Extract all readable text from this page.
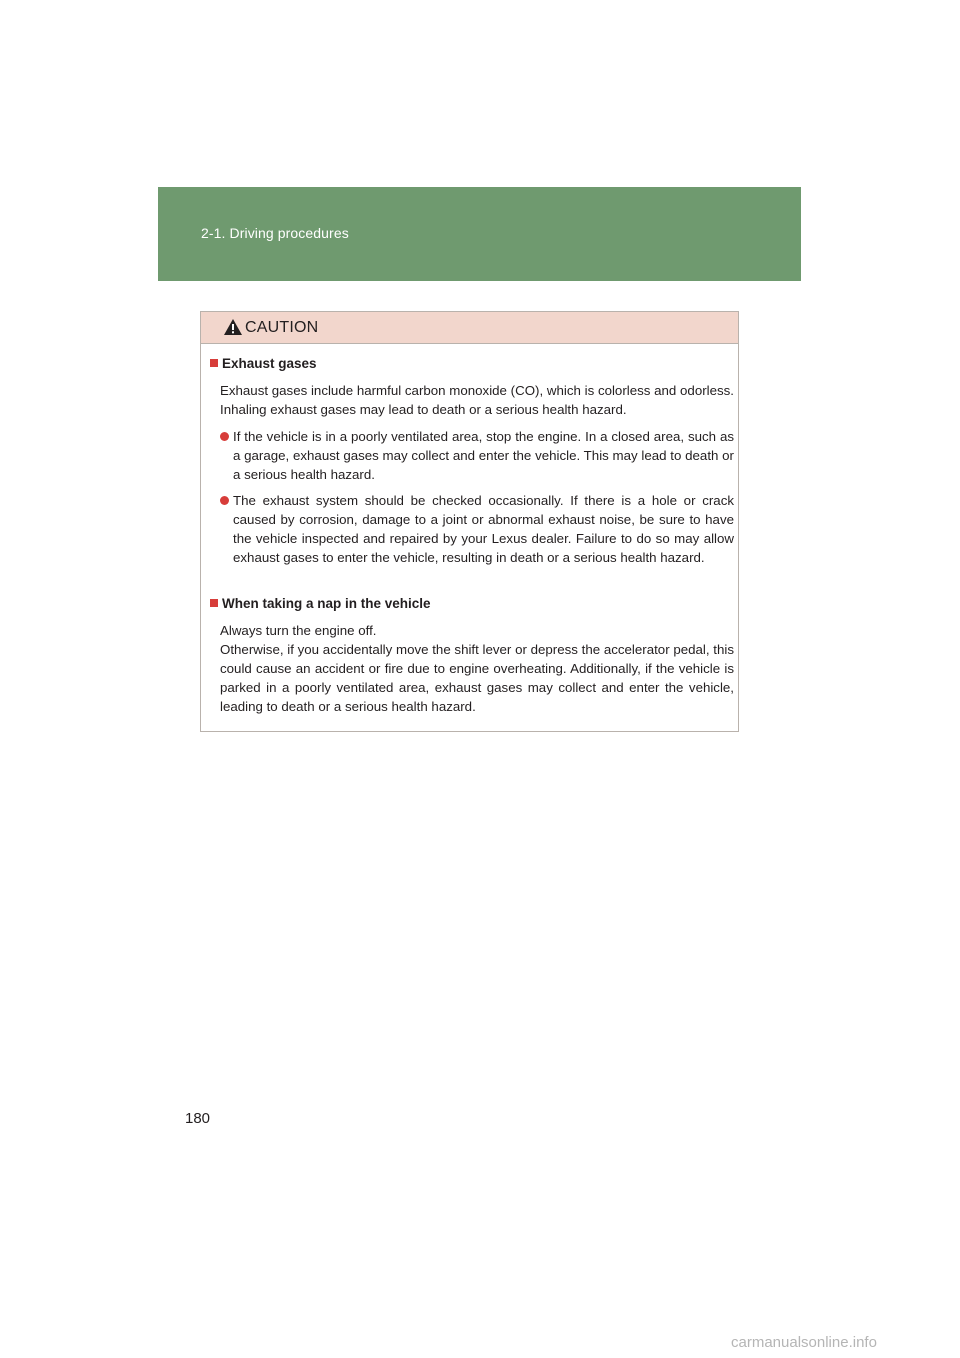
2-1. Driving procedures
CAUTION
Exhaust gases
Exhaust gases include harmful carbon monoxide (CO), which is colorless and odorless. Inhaling exhaust gases may lead to death or a serious health hazard.
If the vehicle is in a poorly ventilated area, stop the engine. In a closed area, such as a garage, exhaust gases may collect and enter the vehicle. This may lead to death or a serious health hazard.
The exhaust system should be checked occasionally. If there is a hole or crack caused by corrosion, damage to a joint or abnormal exhaust noise, be sure to have the vehicle inspected and repaired by your Lexus dealer. Failure to do so may allow exhaust gases to enter the vehicle, resulting in death or a serious health hazard.
When taking a nap in the vehicle
Always turn the engine off.
Otherwise, if you accidentally move the shift lever or depress the accelerator pedal, this could cause an accident or fire due to engine overheating. Additionally, if the vehicle is parked in a poorly ventilated area, exhaust gases may collect and enter the vehicle, leading to death or a serious health hazard.
180
carmanualsonline.info
